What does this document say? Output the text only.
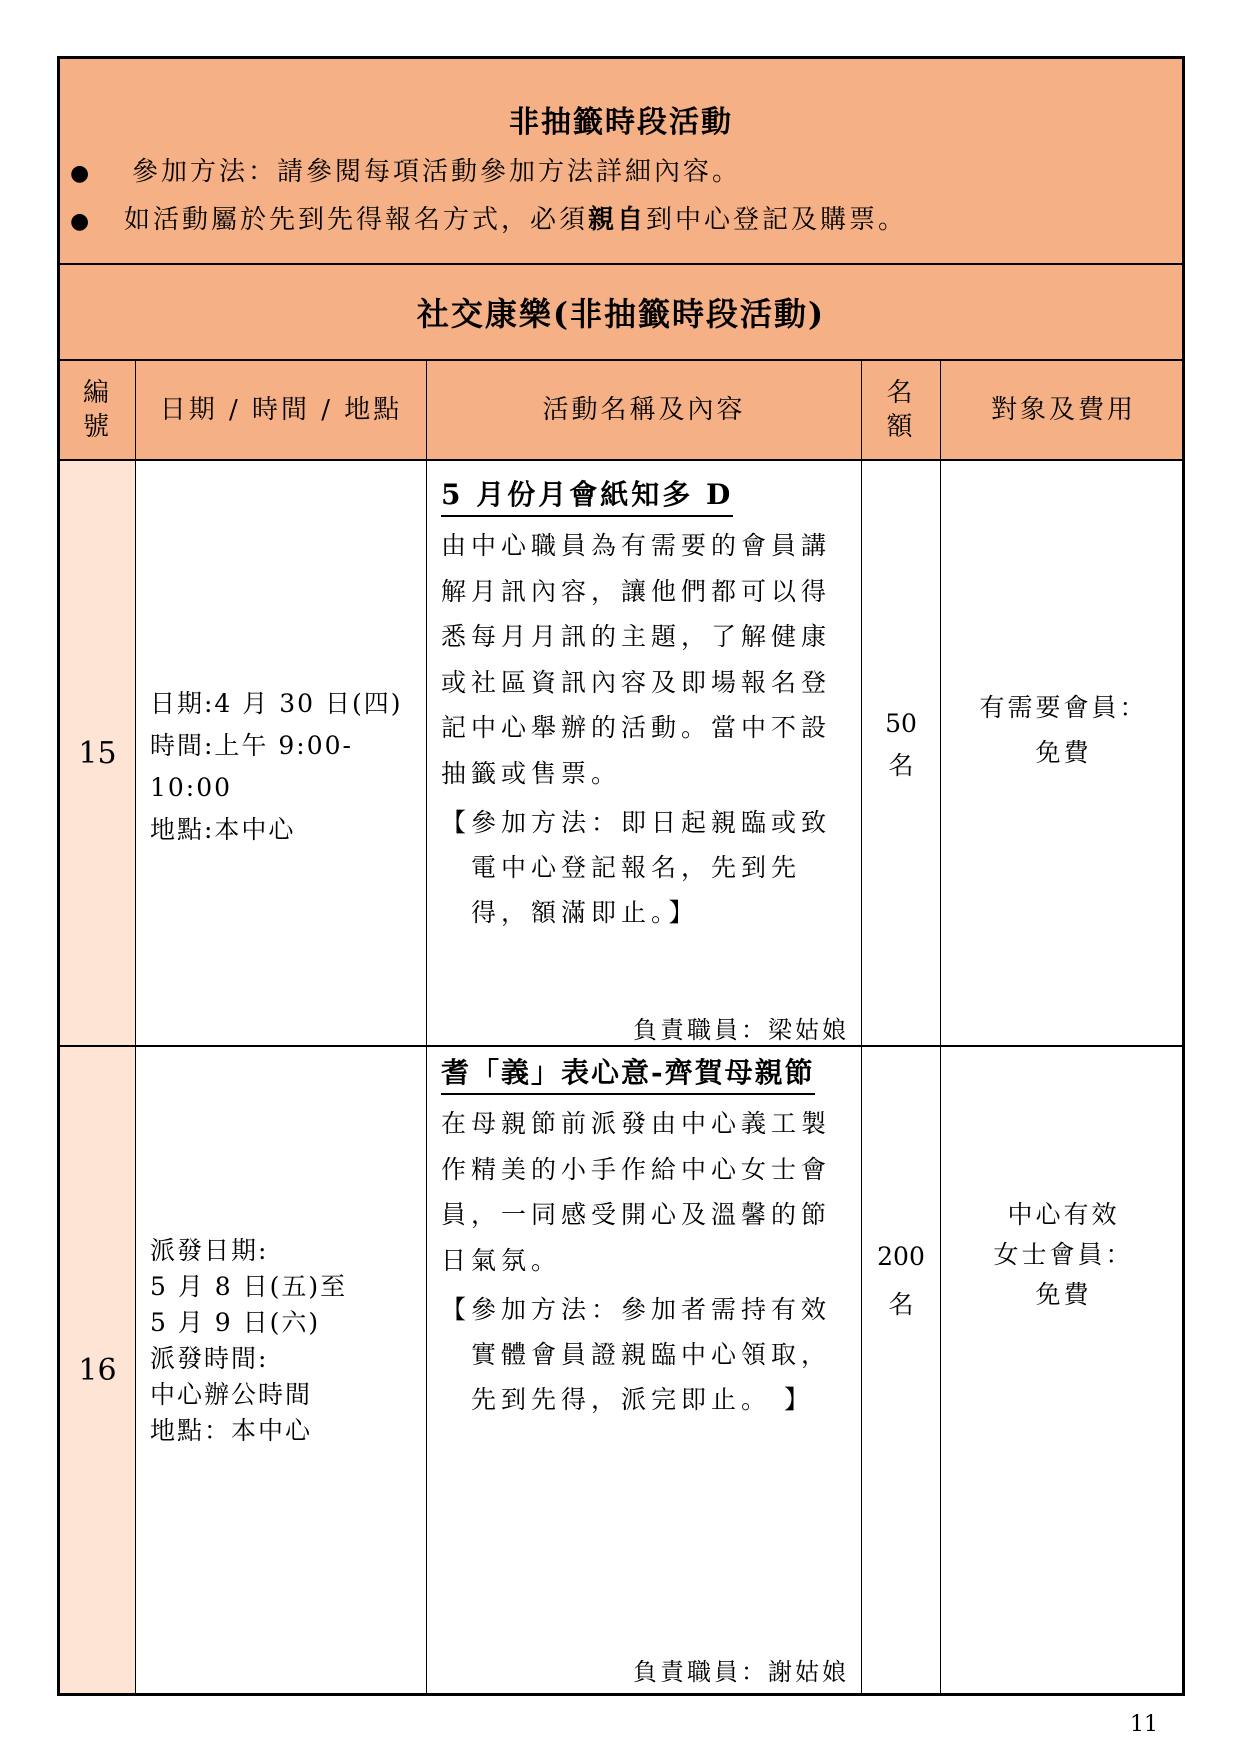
非抽籤時段活動
● 參加方法：請參閱每項活動參加方法詳細內容。
● 如活動屬於先到先得報名方式，必須親自到中心登記及購票。
社交康樂(非抽籤時段活動)
編
號
日期 / 時間 / 地點	活動名稱及內容
名
額
對象及費用
15
日期:4 月 30 日(四)
時間:上午 9:00-10:00
地點:本中心
5 月份月會紙知多 D
由中心職員為有需要的會員講解月訊內容，讓他們都可以得悉每月月訊的主題，了解健康或社區資訊內容及即場報名登記中心舉辦的活動。當中不設抽籤或售票。
【參加方法：即日起親臨或致電中心登記報名，先到先得，額滿即止。】
負責職員：梁姑娘
50
名
有需要會員：
免費
16
派發日期:
5 月 8 日(五)至
5 月 9 日(六)
派發時間:
中心辦公時間
地點：本中心
耆「義」表心意-齊賀母親節
在母親節前派發由中心義工製作精美的小手作給中心女士會員，一同感受開心及溫馨的節日氣氛。
【參加方法：參加者需持有效實體會員證親臨中心領取，先到先得，派完即止。 】
負責職員：謝姑娘
200
名
中心有效
女士會員：
免費
11
